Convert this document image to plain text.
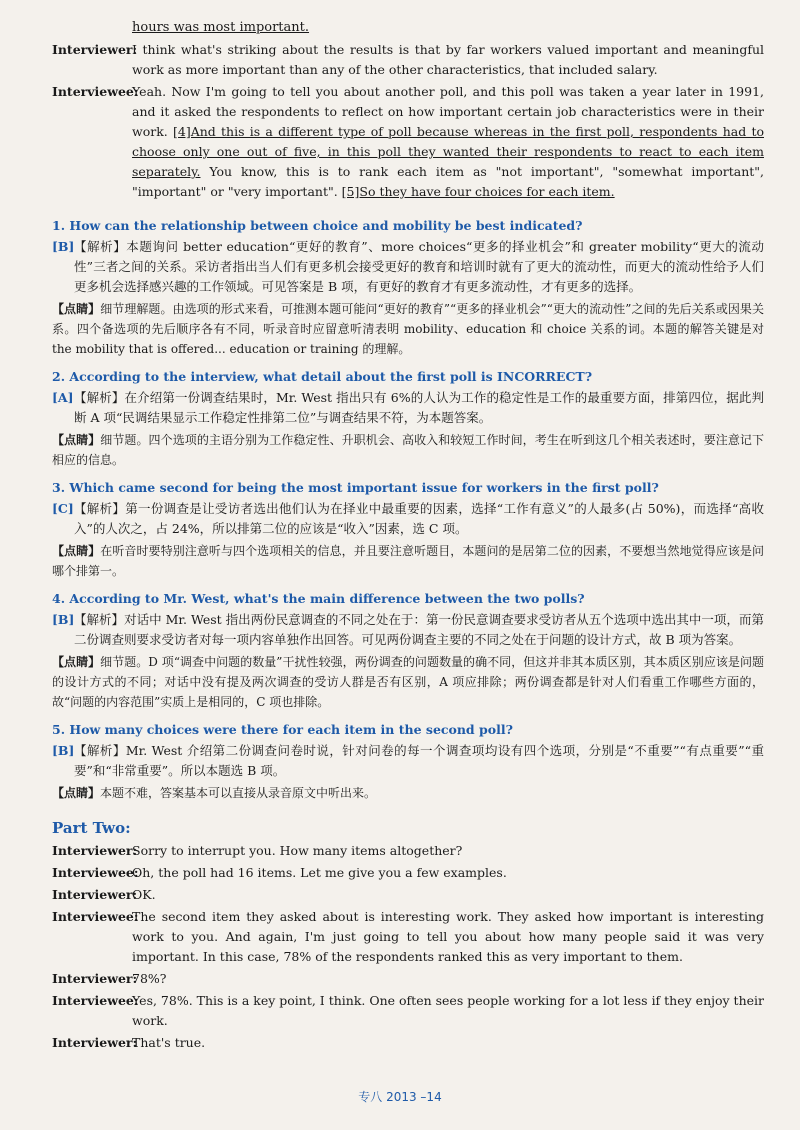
hours was most important.
Interviewer:
I think what's striking about the results is that by far workers valued important and meaningful work as more important than any of the other characteristics, that included salary.
Interviewee:
Yeah. Now I'm going to tell you about another poll, and this poll was taken a year later in 1991, and it asked the respondents to reflect on how important certain job characteristics were in their work. [4]And this is a different type of poll because whereas in the first poll, respondents had to choose only one out of five, in this poll they wanted their respondents to react to each item separately. You know, this is to rank each item as "not important", "somewhat important", "important" or "very important". [5]So they have four choices for each item.
1. How can the relationship between choice and mobility be best indicated?
[B] 【解析】本题询问 better education“更好的教育”、more choices“更多的择业机会”和 greater mobility“更大的流动性”三者之间的关系。采访者指出当人们有更多机会接受更好的教育和培训时就有了更大的流动性，而更大的流动性给予人们更多机会选择感兴趣的工作领域。可见答案是 B 项，有更好的教育才有更多流动性，才有更多的选择。
【点睛】细节理解题。由选项的形式来看，可推测本题可能问“更好的教育”“更多的择业机会”“更大的流动性”之间的先后关系或因果关系。四个备选项的先后顺序各有不同，听录音时应留意听清表明 mobility、education 和 choice 关系的词。本题的解答关键是对 the mobility that is offered... education or training 的理解。
2. According to the interview, what detail about the first poll is INCORRECT?
[A] 【解析】在介绍第一份调查结果时，Mr. West 指出只有 6%的人认为工作的稳定性是工作的最重要方面，排第四位，据此判断 A 项“民调结果显示工作稳定性排第二位”与调查结果不符，为本题答案。
【点睛】细节题。四个选项的主语分别为工作稳定性、升职机会、高收入和较短工作时间，考生在听到这几个相关表述时，要注意记下相应的信息。
3. Which came second for being the most important issue for workers in the first poll?
[C] 【解析】第一份调查是让受访者选出他们认为在择业中最重要的因素，选择“工作有意义”的人最多(占 50%)，而选择“高收入”的人次之，占 24%，所以排第二位的应该是“收入”因素，选 C 项。
【点睛】在听音时要特别注意听与四个选项相关的信息，并且要注意听题目，本题问的是居第二位的因素，不要想当然地觉得应该是问哪个排第一。
4. According to Mr. West, what's the main difference between the two polls?
[B] 【解析】对话中 Mr. West 指出两份民意调查的不同之处在于：第一份民意调查要求受访者从五个选项中选出其中一项，而第二份调查则要求受访者对每一项内容单独作出回答。可见两份调查主要的不同之处在于问题的设计方式，故 B 项为答案。
【点睛】细节题。D 项“调查中问题的数量”干扰性较强，两份调查的问题数量的确不同，但这并非其本质区别，其本质区别应该是问题的设计方式的不同；对话中没有提及两次调查的受访人群是否有区别，A 项应排除；两份调查都是针对人们看重工作哪些方面的，故“问题的内容范围”实质上是相同的，C 项也排除。
5. How many choices were there for each item in the second poll?
[B] 【解析】Mr. West 介绍第二份调查问卷时说，针对问卷的每一个调查项均设有四个选项，分别是“不重要”“有点重要”“重要”和“非常重要”。所以本题选 B 项。
【点睛】本题不难，答案基本可以直接从录音原文中听出来。
Part Two:
Interviewer:
Sorry to interrupt you. How many items altogether?
Interviewee:
Oh, the poll had 16 items. Let me give you a few examples.
Interviewer:
OK.
Interviewee:
The second item they asked about is interesting work. They asked how important is interesting work to you. And again, I'm just going to tell you about how many people said it was very important. In this case, 78% of the respondents ranked this as very important to them.
Interviewer:
78%?
Interviewee:
Yes, 78%. This is a key point, I think. One often sees people working for a lot less if they enjoy their work.
Interviewer:
That's true.
专八 2013 –14
